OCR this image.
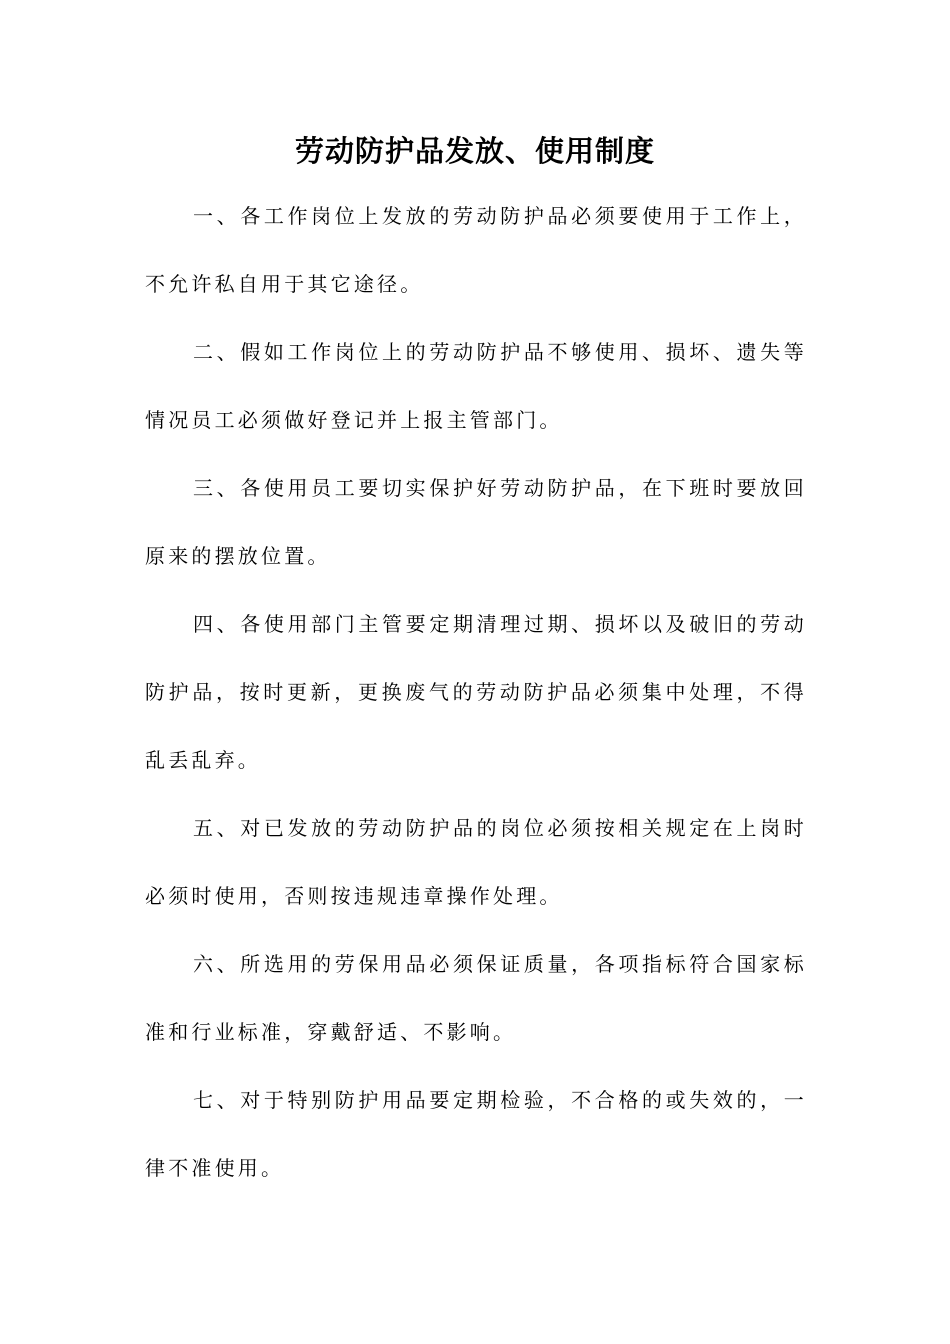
劳动防护品发放、使用制度

一、各工作岗位上发放的劳动防护品必须要使用于工作上，不允许私自用于其它途径。

二、假如工作岗位上的劳动防护品不够使用、损坏、遗失等情况员工必须做好登记并上报主管部门。

三、各使用员工要切实保护好劳动防护品，在下班时要放回原来的摆放位置。

四、各使用部门主管要定期清理过期、损坏以及破旧的劳动防护品，按时更新，更换废气的劳动防护品必须集中处理，不得乱丢乱弃。

五、对已发放的劳动防护品的岗位必须按相关规定在上岗时必须时使用，否则按违规违章操作处理。

六、所选用的劳保用品必须保证质量，各项指标符合国家标准和行业标准，穿戴舒适、不影响。

七、对于特别防护用品要定期检验，不合格的或失效的，一律不准使用。
